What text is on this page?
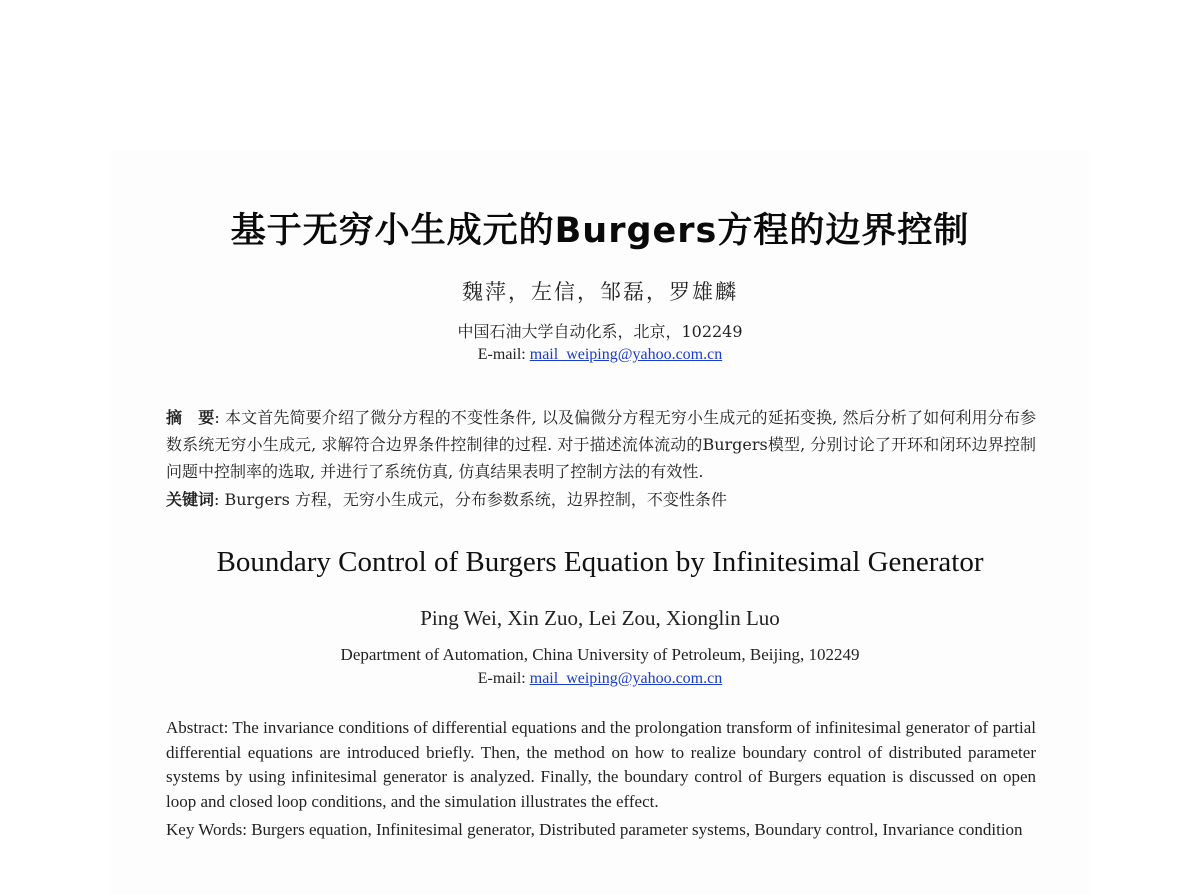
基于无穷小生成元的Burgers方程的边界控制
魏萍，左信，邹磊，罗雄麟
中国石油大学自动化系，北京，102249
E-mail: mail_weiping@yahoo.com.cn
摘　要: 本文首先简要介绍了微分方程的不变性条件, 以及偏微分方程无穷小生成元的延拓变换, 然后分析了如何利用分布参数系统无穷小生成元, 求解符合边界条件控制律的过程. 对于描述流体流动的Burgers模型, 分别讨论了开环和闭环边界控制问题中控制率的选取, 并进行了系统仿真, 仿真结果表明了控制方法的有效性.
关键词: Burgers 方程，无穷小生成元，分布参数系统，边界控制，不变性条件
Boundary Control of Burgers Equation by Infinitesimal Generator
Ping Wei, Xin Zuo, Lei Zou, Xionglin Luo
Department of Automation, China University of Petroleum, Beijing, 102249
E-mail: mail_weiping@yahoo.com.cn
Abstract: The invariance conditions of differential equations and the prolongation transform of infinitesimal generator of partial differential equations are introduced briefly. Then, the method on how to realize boundary control of distributed parameter systems by using infinitesimal generator is analyzed. Finally, the boundary control of Burgers equation is discussed on open loop and closed loop conditions, and the simulation illustrates the effect.
Key Words: Burgers equation, Infinitesimal generator, Distributed parameter systems, Boundary control, Invariance condition
